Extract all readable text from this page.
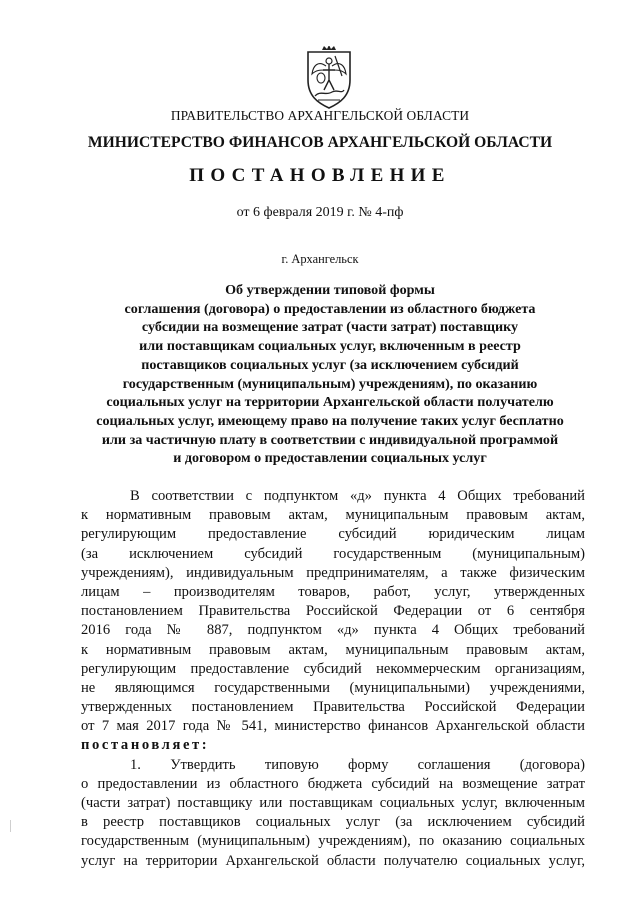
ПРАВИТЕЛЬСТВО АРХАНГЕЛЬСКОЙ ОБЛАСТИ
МИНИСТЕРСТВО ФИНАНСОВ АРХАНГЕЛЬСКОЙ ОБЛАСТИ
ПОСТАНОВЛЕНИЕ
от 6 февраля 2019 г. № 4-пф
г. Архангельск
Об утверждении типовой формы
соглашения (договора) о предоставлении из областного бюджета
субсидии на возмещение затрат (части затрат) поставщику
или поставщикам социальных услуг, включенным в реестр
поставщиков социальных услуг (за исключением субсидий
государственным (муниципальным) учреждениям), по оказанию
социальных услуг на территории Архангельской области получателю
социальных услуг, имеющему право на получение таких услуг бесплатно
или за частичную плату в соответствии с индивидуальной программой
и договором о предоставлении социальных услуг
В соответствии с подпунктом «д» пункта 4 Общих требований
к нормативным правовым актам, муниципальным правовым актам,
регулирующим предоставление субсидий юридическим лицам
(за исключением субсидий государственным (муниципальным)
учреждениям), индивидуальным предпринимателям, а также физическим
лицам – производителям товаров, работ, услуг, утвержденных
постановлением Правительства Российской Федерации от 6 сентября
2016 года № 887, подпунктом «д» пункта 4 Общих требований
к нормативным правовым актам, муниципальным правовым актам,
регулирующим предоставление субсидий некоммерческим организациям,
не являющимся государственными (муниципальными) учреждениями,
утвержденных постановлением Правительства Российской Федерации
от 7 мая 2017 года № 541, министерство финансов Архангельской области
постановляет:
1. Утвердить типовую форму соглашения (договора)
о предоставлении из областного бюджета субсидий на возмещение затрат
(части затрат) поставщику или поставщикам социальных услуг, включенным
в реестр поставщиков социальных услуг (за исключением субсидий
государственным (муниципальным) учреждениям), по оказанию социальных
услуг на территории Архангельской области получателю социальных услуг,
